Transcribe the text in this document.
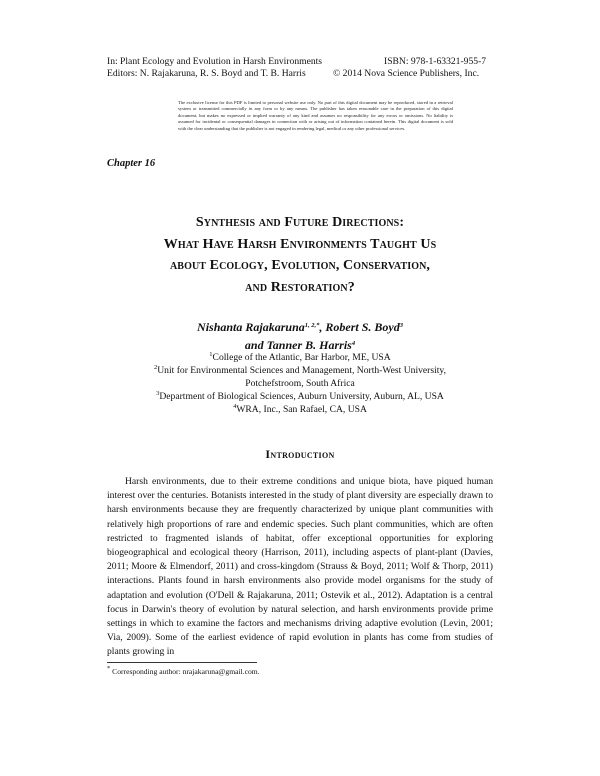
In: Plant Ecology and Evolution in Harsh Environments	ISBN: 978-1-63321-955-7
Editors: N. Rajakaruna, R. S. Boyd and T. B. Harris	© 2014 Nova Science Publishers, Inc.
The exclusive license for this PDF is limited to personal website use only. No part of this digital document may be reproduced, stored in a retrieval system or transmitted commercially in any form or by any means. The publisher has taken reasonable care in the preparation of this digital document, but makes no expressed or implied warranty of any kind and assumes no responsibility for any errors or omissions. No liability is assumed for incidental or consequential damages in connection with or arising out of information contained herein. This digital document is sold with the clear understanding that the publisher is not engaged in rendering legal, medical or any other professional services.
Chapter 16
Synthesis and Future Directions:
What Have Harsh Environments Taught Us
about Ecology, Evolution, Conservation,
and Restoration?
Nishanta Rajakaruna$^{1, 2,*}$, Robert S. Boyd$^3$
and Tanner B. Harris$^4$
$^1$College of the Atlantic, Bar Harbor, ME, USA
$^2$Unit for Environmental Sciences and Management, North-West University,
Potchefstroom, South Africa
$^3$Department of Biological Sciences, Auburn University, Auburn, AL, USA
$^4$WRA, Inc., San Rafael, CA, USA
Introduction

Harsh environments, due to their extreme conditions and unique biota, have piqued human interest over the centuries. Botanists interested in the study of plant diversity are especially drawn to harsh environments because they are frequently characterized by unique plant communities with relatively high proportions of rare and endemic species. Such plant communities, which are often restricted to fragmented islands of habitat, offer exceptional opportunities for exploring biogeographical and ecological theory (Harrison, 2011), including aspects of plant-plant (Davies, 2011; Moore & Elmendorf, 2011) and cross-kingdom (Strauss & Boyd, 2011; Wolf & Thorp, 2011) interactions. Plants found in harsh environments also provide model organisms for the study of adaptation and evolution (O'Dell & Rajakaruna, 2011; Ostevik et al., 2012). Adaptation is a central focus in Darwin's theory of evolution by natural selection, and harsh environments provide prime settings in which to examine the factors and mechanisms driving adaptive evolution (Levin, 2001; Via, 2009). Some of the earliest evidence of rapid evolution in plants has come from studies of plants growing in

* Corresponding author: nrajakaruna@gmail.com.
